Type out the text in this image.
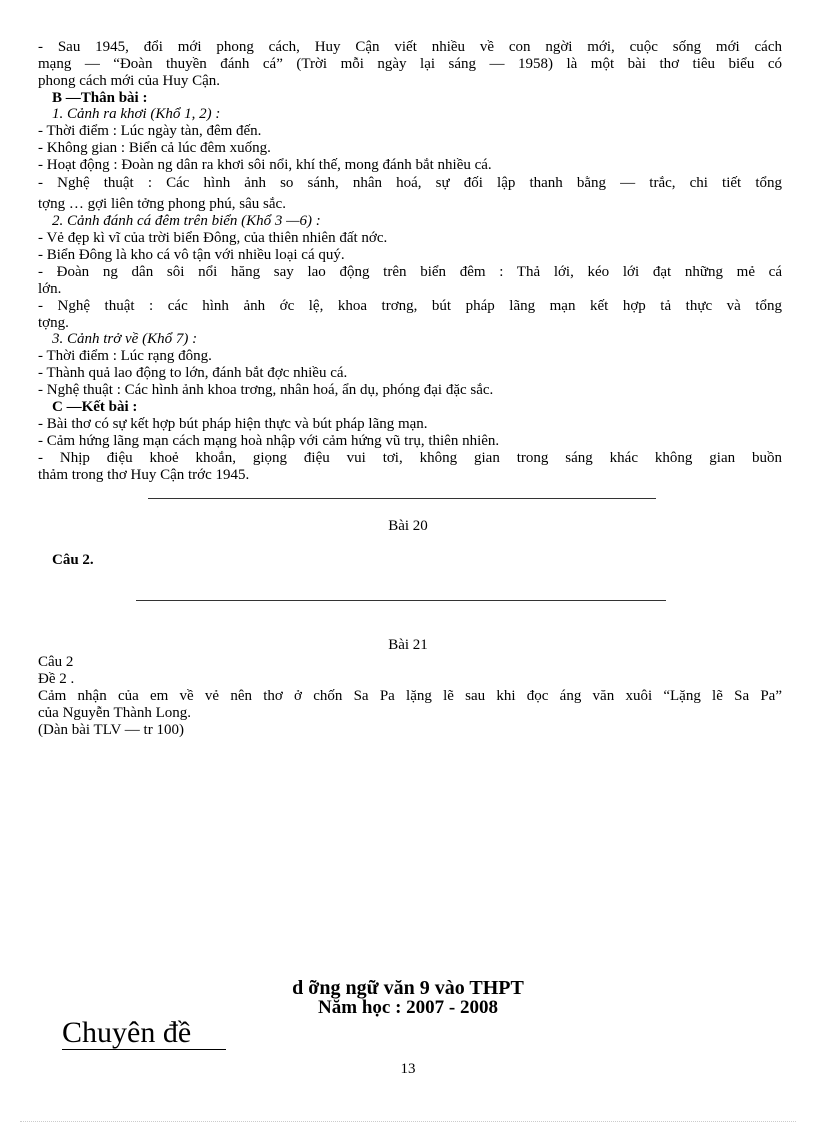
- Sau 1945, đổi mới phong cách, Huy Cận viết nhiều về con ngời mới, cuộc sống mới cách
mạng — “Đoàn thuyền đánh cá” (Trời mỗi ngày lại sáng — 1958) là một bài thơ tiêu biểu có
phong cách mới của Huy Cận.
B —Thân bài :
1. Cảnh ra khơi (Khổ 1, 2) :
- Thời điểm : Lúc ngày tàn, đêm đến.
- Không gian : Biển cả lúc đêm xuống.
- Hoạt động : Đoàn ng dân ra khơi sôi nổi, khí thế, mong đánh bắt nhiều cá.
- Nghệ thuật : Các hình ảnh so sánh, nhân hoá, sự đối lập thanh bằng — trắc, chi tiết tổng
tợng … gợi liên tởng phong phú, sâu sắc.
2. Cảnh đánh cá đêm trên biển (Khổ 3 —6) :
- Vẻ đẹp kì vĩ của trời biển Đông, của thiên nhiên đất nớc.
- Biển Đông là kho cá vô tận với nhiều loại cá quý.
- Đoàn ng dân sôi nổi hăng say lao động trên biển đêm : Thả lới, kéo lới đạt những mẻ cá
lớn.
- Nghệ thuật : các hình ảnh ớc lệ, khoa trơng, bút pháp lãng mạn kết hợp tả thực và tổng
tợng.
3. Cảnh trở về (Khổ 7) :
- Thời điểm : Lúc rạng đông.
- Thành quả lao động to lớn, đánh bắt đợc nhiều cá.
- Nghệ thuật : Các hình ảnh khoa trơng, nhân hoá, ẩn dụ, phóng đại đặc sắc.
C —Kết bài :
- Bài thơ có sự kết hợp bút pháp hiện thực và bút pháp lãng mạn.
- Cảm hứng lãng mạn cách mạng hoà nhập với cảm hứng vũ trụ, thiên nhiên.
- Nhịp điệu khoẻ khoắn, giọng điệu vui tơi, không gian trong sáng khác không gian buồn
thảm trong thơ Huy Cận trớc 1945.
Bài 20
Câu 2.
Bài 21
Câu 2
Đề 2 .
Cảm nhận của em về vẻ nên thơ ở chốn Sa Pa lặng lẽ sau khi đọc áng văn xuôi “Lặng lẽ Sa Pa”
của Nguyễn Thành Long.
(Dàn bài TLV — tr 100)
d ỡng ngữ văn 9 vào THPT
Năm học : 2007 - 2008
Chuyên đề
13
